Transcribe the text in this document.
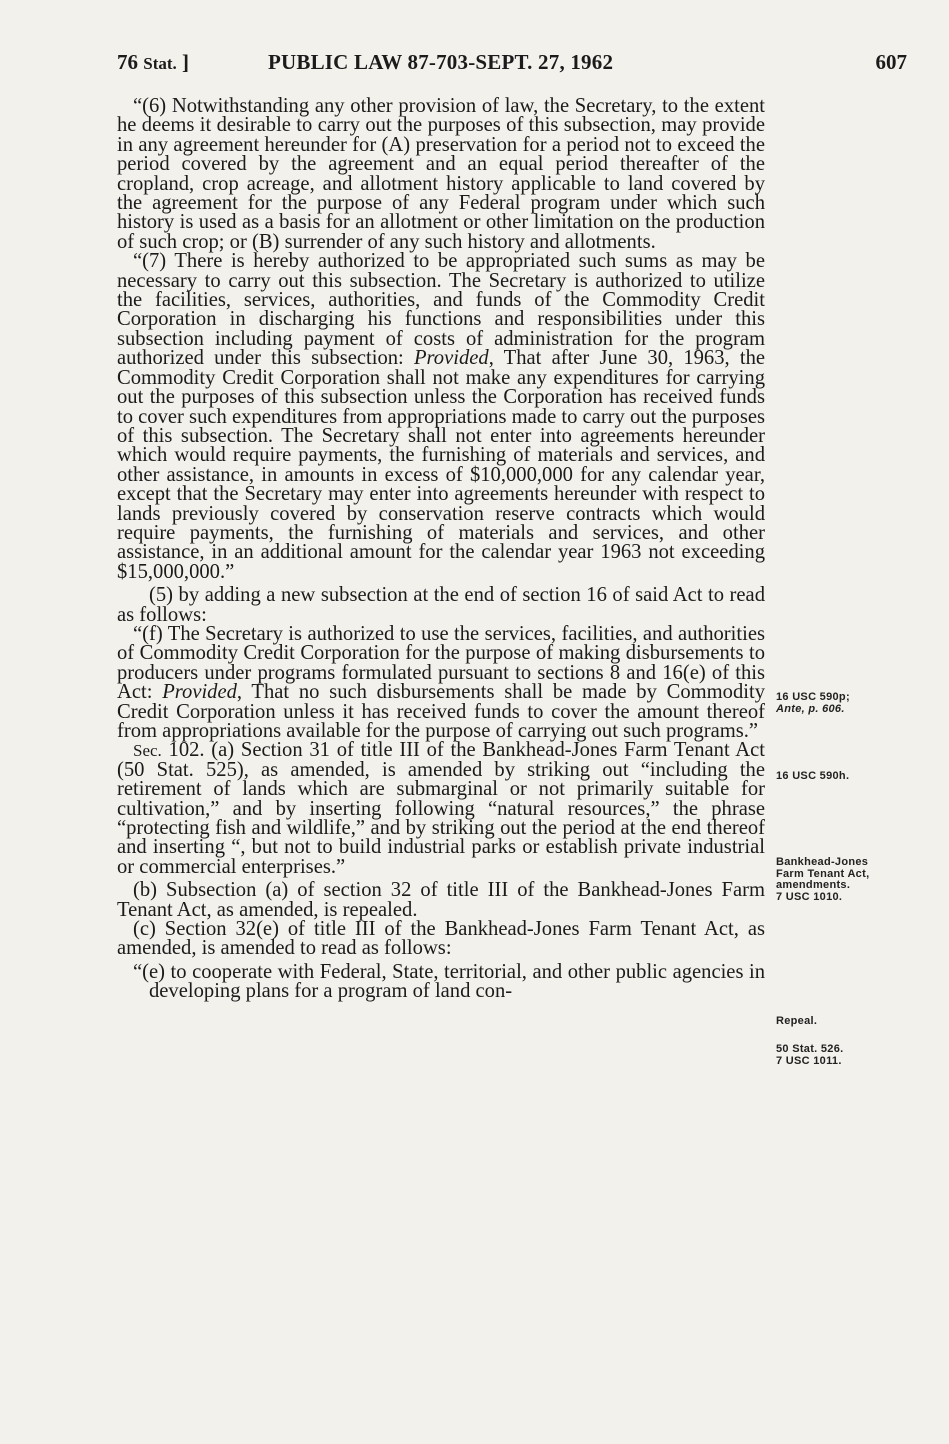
76 Stat. ]	PUBLIC LAW 87-703-SEPT. 27, 1962	607

“(6) Notwithstanding any other provision of law, the Secretary, to the extent he deems it desirable to carry out the purposes of this subsection, may provide in any agreement hereunder for (A) preservation for a period not to exceed the period covered by the agreement and an equal period thereafter of the cropland, crop acreage, and allotment history applicable to land covered by the agreement for the purpose of any Federal program under which such history is used as a basis for an allotment or other limitation on the production of such crop; or (B) surrender of any such history and allotments.

“(7) There is hereby authorized to be appropriated such sums as may be necessary to carry out this subsection. The Secretary is authorized to utilize the facilities, services, authorities, and funds of the Commodity Credit Corporation in discharging his functions and responsibilities under this subsection including payment of costs of administration for the program authorized under this subsection: Provided, That after June 30, 1963, the Commodity Credit Corporation shall not make any expenditures for carrying out the purposes of this subsection unless the Corporation has received funds to cover such expenditures from appropriations made to carry out the purposes of this subsection. The Secretary shall not enter into agreements hereunder which would require payments, the furnishing of materials and services, and other assistance, in amounts in excess of $10,000,000 for any calendar year, except that the Secretary may enter into agreements hereunder with respect to lands previously covered by conservation reserve contracts which would require payments, the furnishing of materials and services, and other assistance, in an additional amount for the calendar year 1963 not exceeding $15,000,000.”

(5) by adding a new subsection at the end of section 16 of said Act to read as follows:

“(f) The Secretary is authorized to use the services, facilities, and authorities of Commodity Credit Corporation for the purpose of making disbursements to producers under programs formulated pursuant to sections 8 and 16(e) of this Act: Provided, That no such disbursements shall be made by Commodity Credit Corporation unless it has received funds to cover the amount thereof from appropriations available for the purpose of carrying out such programs.”

Sec. 102. (a) Section 31 of title III of the Bankhead-Jones Farm Tenant Act (50 Stat. 525), as amended, is amended by striking out “including the retirement of lands which are submarginal or not primarily suitable for cultivation,” and by inserting following “natural resources,” the phrase “protecting fish and wildlife,” and by striking out the period at the end thereof and inserting “, but not to build industrial parks or establish private industrial or commercial enterprises.”

(b) Subsection (a) of section 32 of title III of the Bankhead-Jones Farm Tenant Act, as amended, is repealed.

(c) Section 32(e) of title III of the Bankhead-Jones Farm Tenant Act, as amended, is amended to read as follows:

“(e) to cooperate with Federal, State, territorial, and other public agencies in developing plans for a program of land con-

16 USC 590p;
Ante, p. 606.
16 USC 590h.
Bankhead-Jones
Farm Tenant Act,
amendments.
7 USC 1010.
Repeal.
50 Stat. 526.
7 USC 1011.
